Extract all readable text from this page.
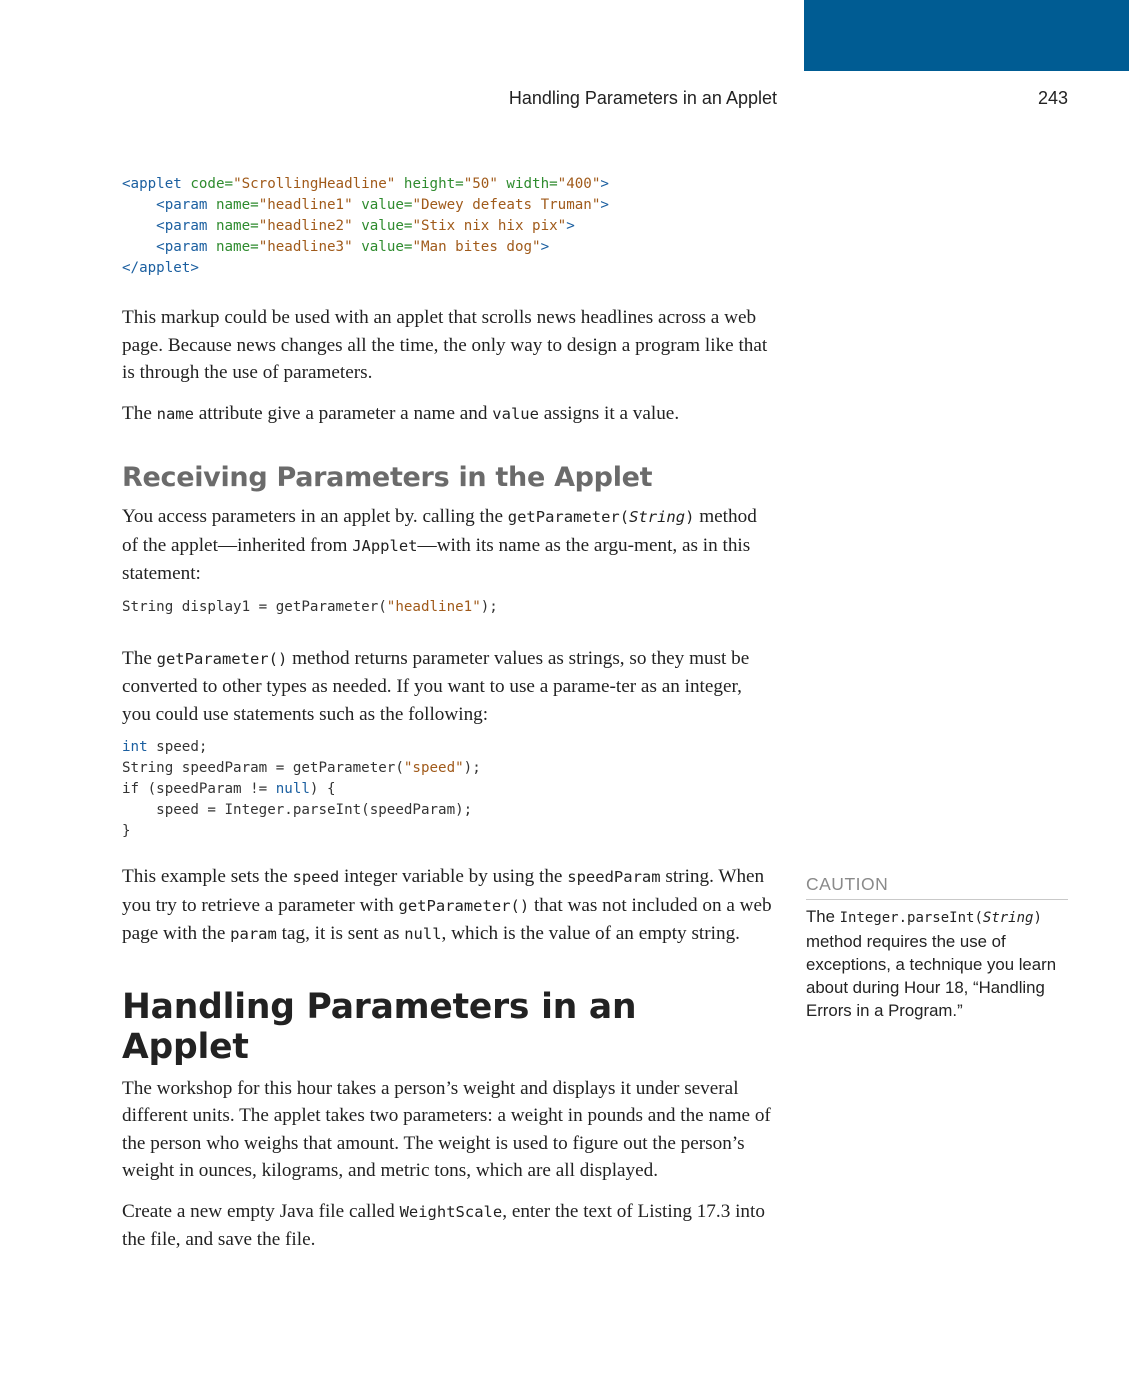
Handling Parameters in an Applet	243
<applet code="ScrollingHeadline" height="50" width="400">
<param name="headline1" value="Dewey defeats Truman">
<param name="headline2" value="Stix nix hix pix">
<param name="headline3" value="Man bites dog">
</applet>

This markup could be used with an applet that scrolls news headlines across a web page. Because news changes all the time, the only way to design a program like that is through the use of parameters.

The name attribute give a parameter a name and value assigns it a value.

Receiving Parameters in the Applet

You access parameters in an applet by. calling the getParameter(String) method of the applet—inherited from JApplet—with its name as the argu-ment, as in this statement:

String display1 = getParameter("headline1");

The getParameter() method returns parameter values as strings, so they must be converted to other types as needed. If you want to use a parame-ter as an integer, you could use statements such as the following:

int speed;
String speedParam = getParameter("speed");
if (speedParam != null) {
speed = Integer.parseInt(speedParam);
}

This example sets the speed integer variable by using the speedParam string. When you try to retrieve a parameter with getParameter() that was not included on a web page with the param tag, it is sent as null, which is the value of an empty string.

Handling Parameters in an Applet

The workshop for this hour takes a person’s weight and displays it under several different units. The applet takes two parameters: a weight in pounds and the name of the person who weighs that amount. The weight is used to figure out the person’s weight in ounces, kilograms, and metric tons, which are all displayed.

Create a new empty Java file called WeightScale, enter the text of Listing 17.3 into the file, and save the file.

CAUTION

The Integer.parseInt(String) method requires the use of exceptions, a technique you learn about during Hour 18, “Handling Errors in a Program.”
